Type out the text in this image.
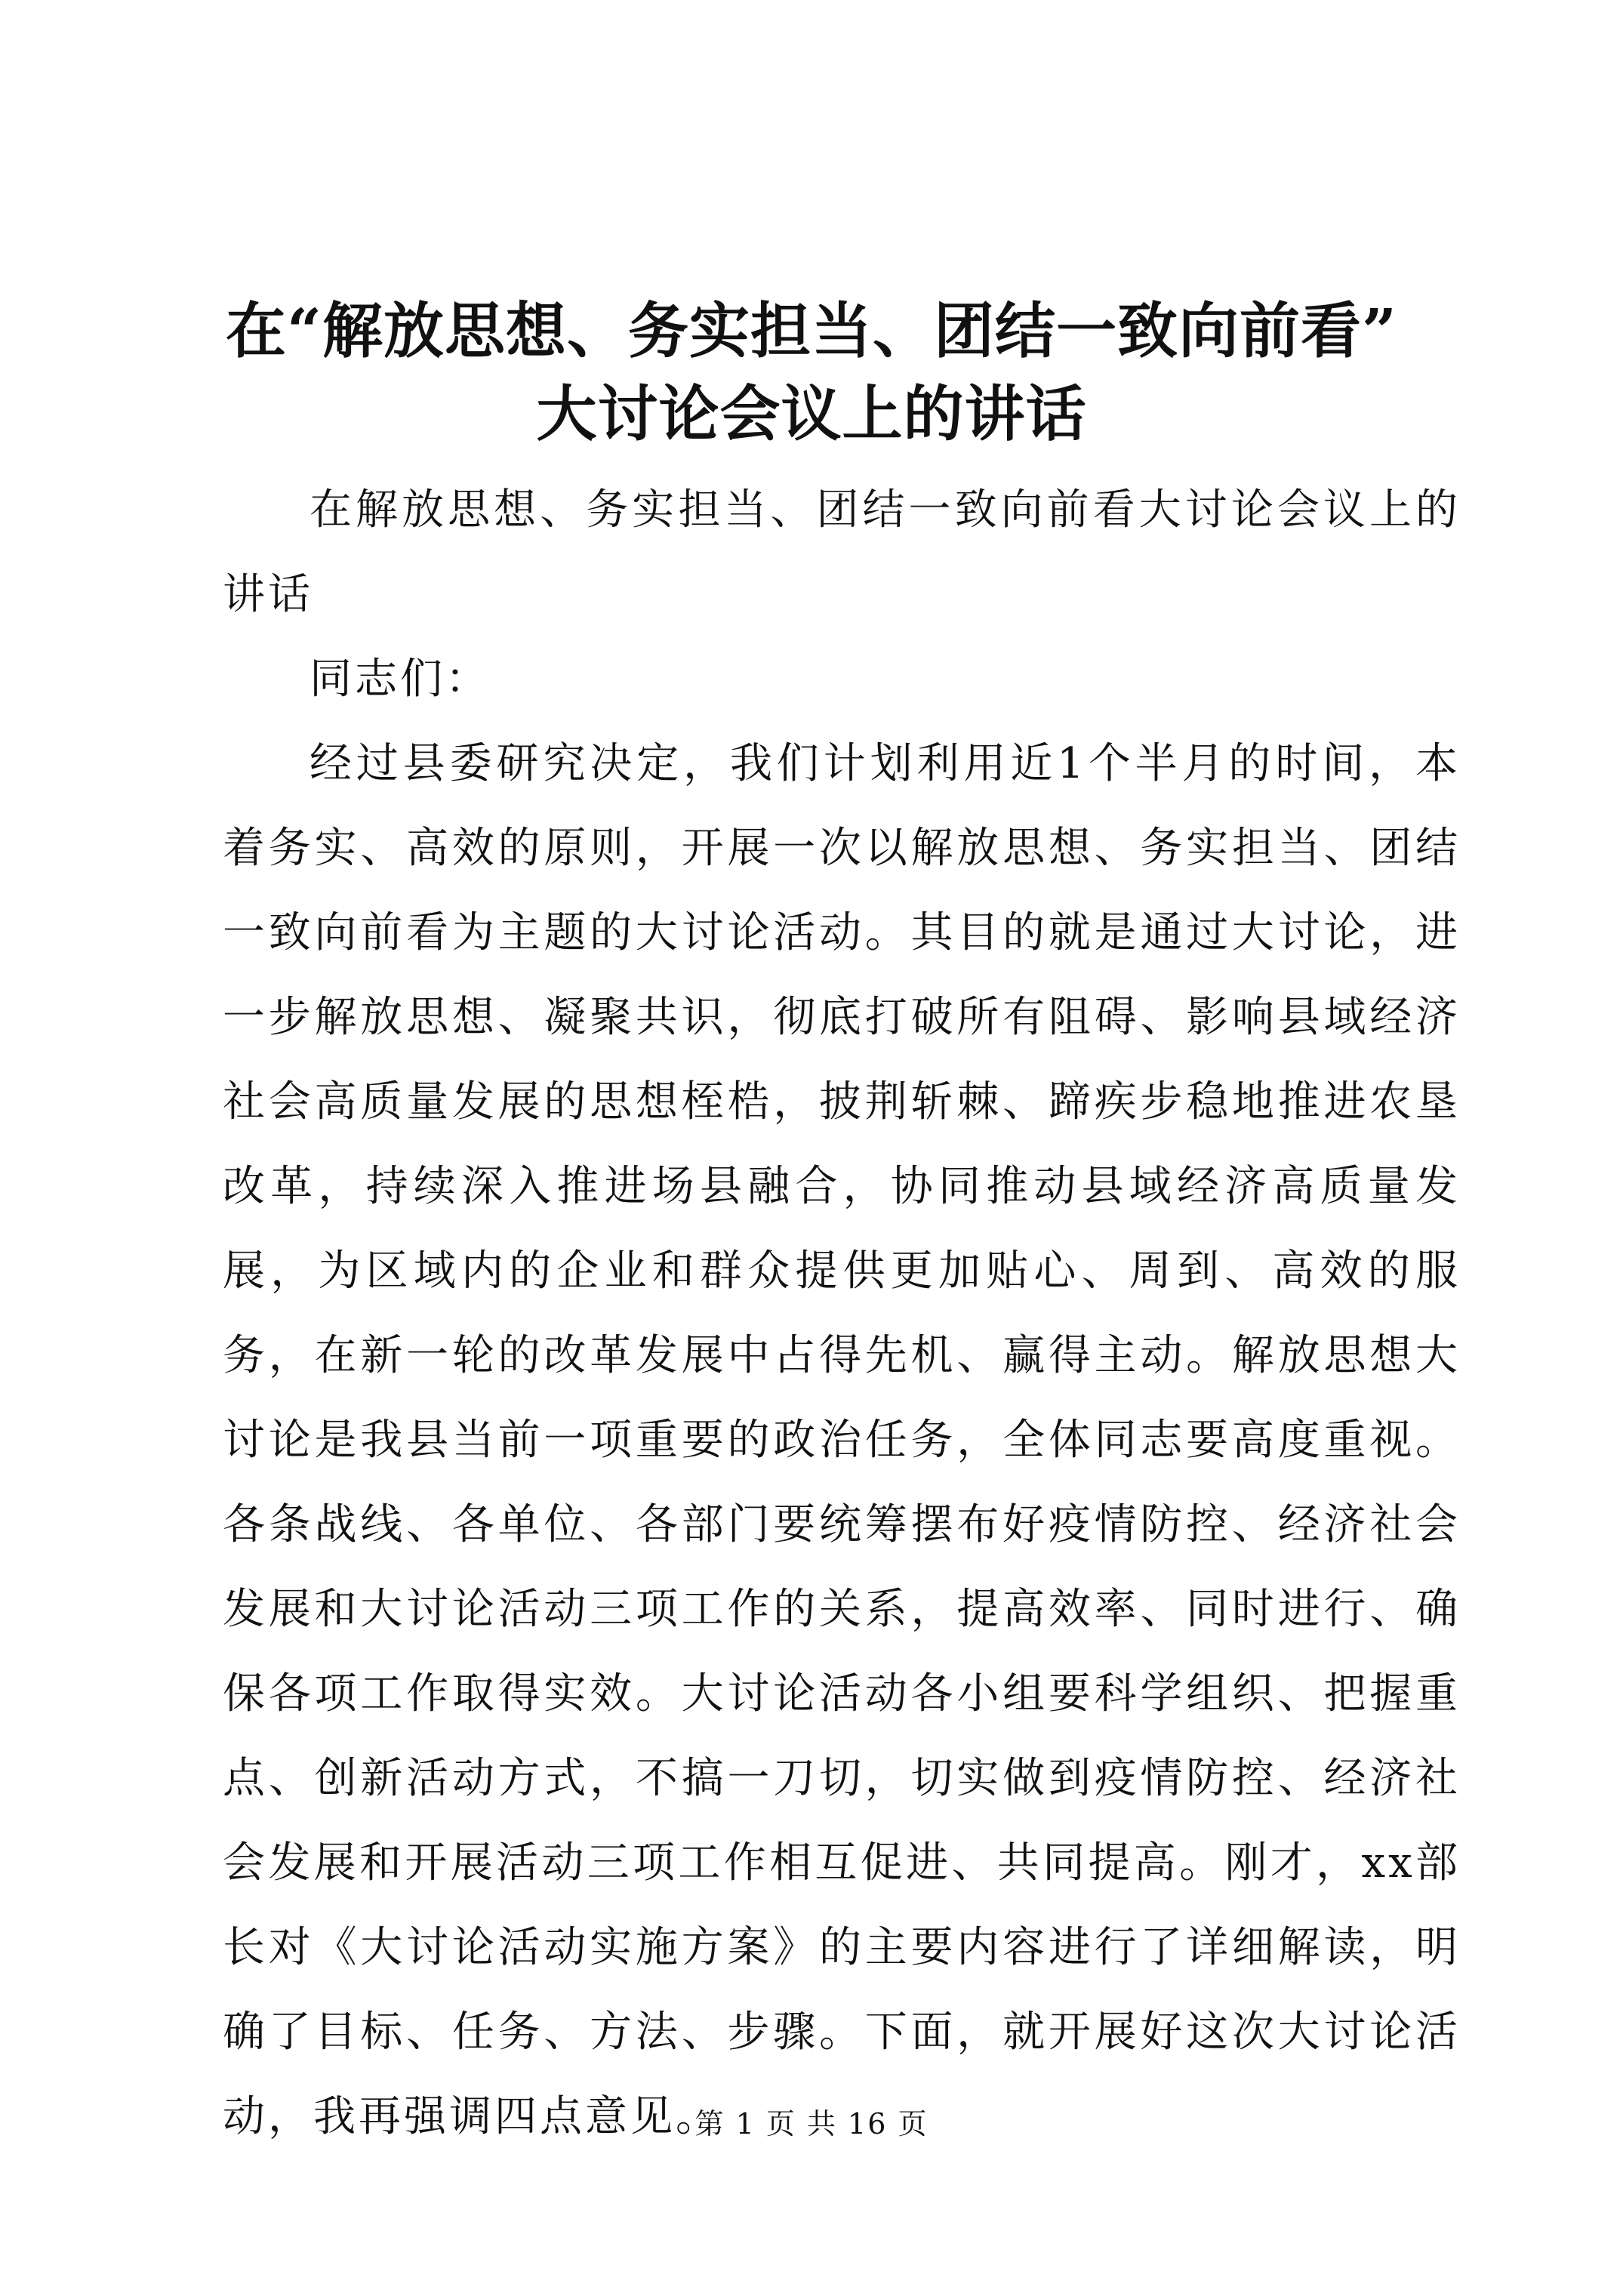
在“解放思想、务实担当、团结一致向前看”
大讨论会议上的讲话

在解放思想、务实担当、团结一致向前看大讨论会议上的讲话

同志们：

经过县委研究决定，我们计划利用近1个半月的时间，本着务实、高效的原则，开展一次以解放思想、务实担当、团结一致向前看为主题的大讨论活动。其目的就是通过大讨论，进一步解放思想、凝聚共识，彻底打破所有阻碍、影响县域经济社会高质量发展的思想桎梏，披荆斩棘、蹄疾步稳地推进农垦改革，持续深入推进场县融合，协同推动县域经济高质量发展，为区域内的企业和群众提供更加贴心、周到、高效的服务，在新一轮的改革发展中占得先机、赢得主动。解放思想大讨论是我县当前一项重要的政治任务，全体同志要高度重视。各条战线、各单位、各部门要统筹摆布好疫情防控、经济社会发展和大讨论活动三项工作的关系，提高效率、同时进行、确保各项工作取得实效。大讨论活动各小组要科学组织、把握重点、创新活动方式，不搞一刀切，切实做到疫情防控、经济社会发展和开展活动三项工作相互促进、共同提高。刚才，xx部长对《大讨论活动实施方案》的主要内容进行了详细解读，明确了目标、任务、方法、步骤。下面，就开展好这次大讨论活动，我再强调四点意见。

第 1 页 共 16 页
